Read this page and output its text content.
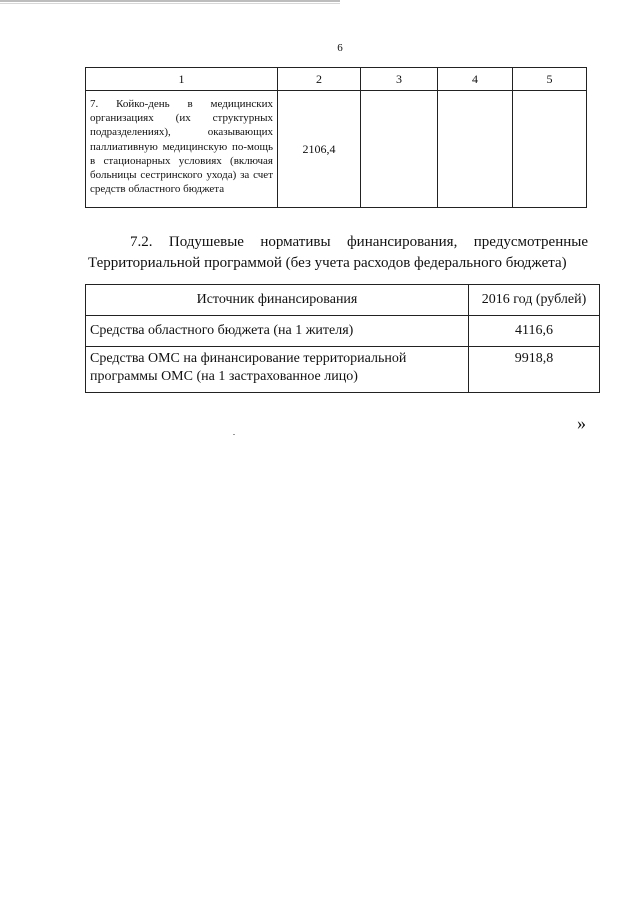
6
1	2	3	4	5

7. Койко-день в медицинских организациях (их структурных подразделениях), оказывающих паллиативную медицинскую по-мощь в стационарных условиях (включая больницы сестринского ухода) за счет средств областного бюджета	2106,4			
7.2. Подушевые нормативы финансирования, предусмотренные
Территориальной программой (без учета расходов федерального бюджета)
Источник финансирования	2016 год (рублей)
Средства областного бюджета (на 1 жителя)	4116,6
Средства ОМС на финансирование территориальной программы ОМС (на 1 застрахованное лицо)	9918,8
»
